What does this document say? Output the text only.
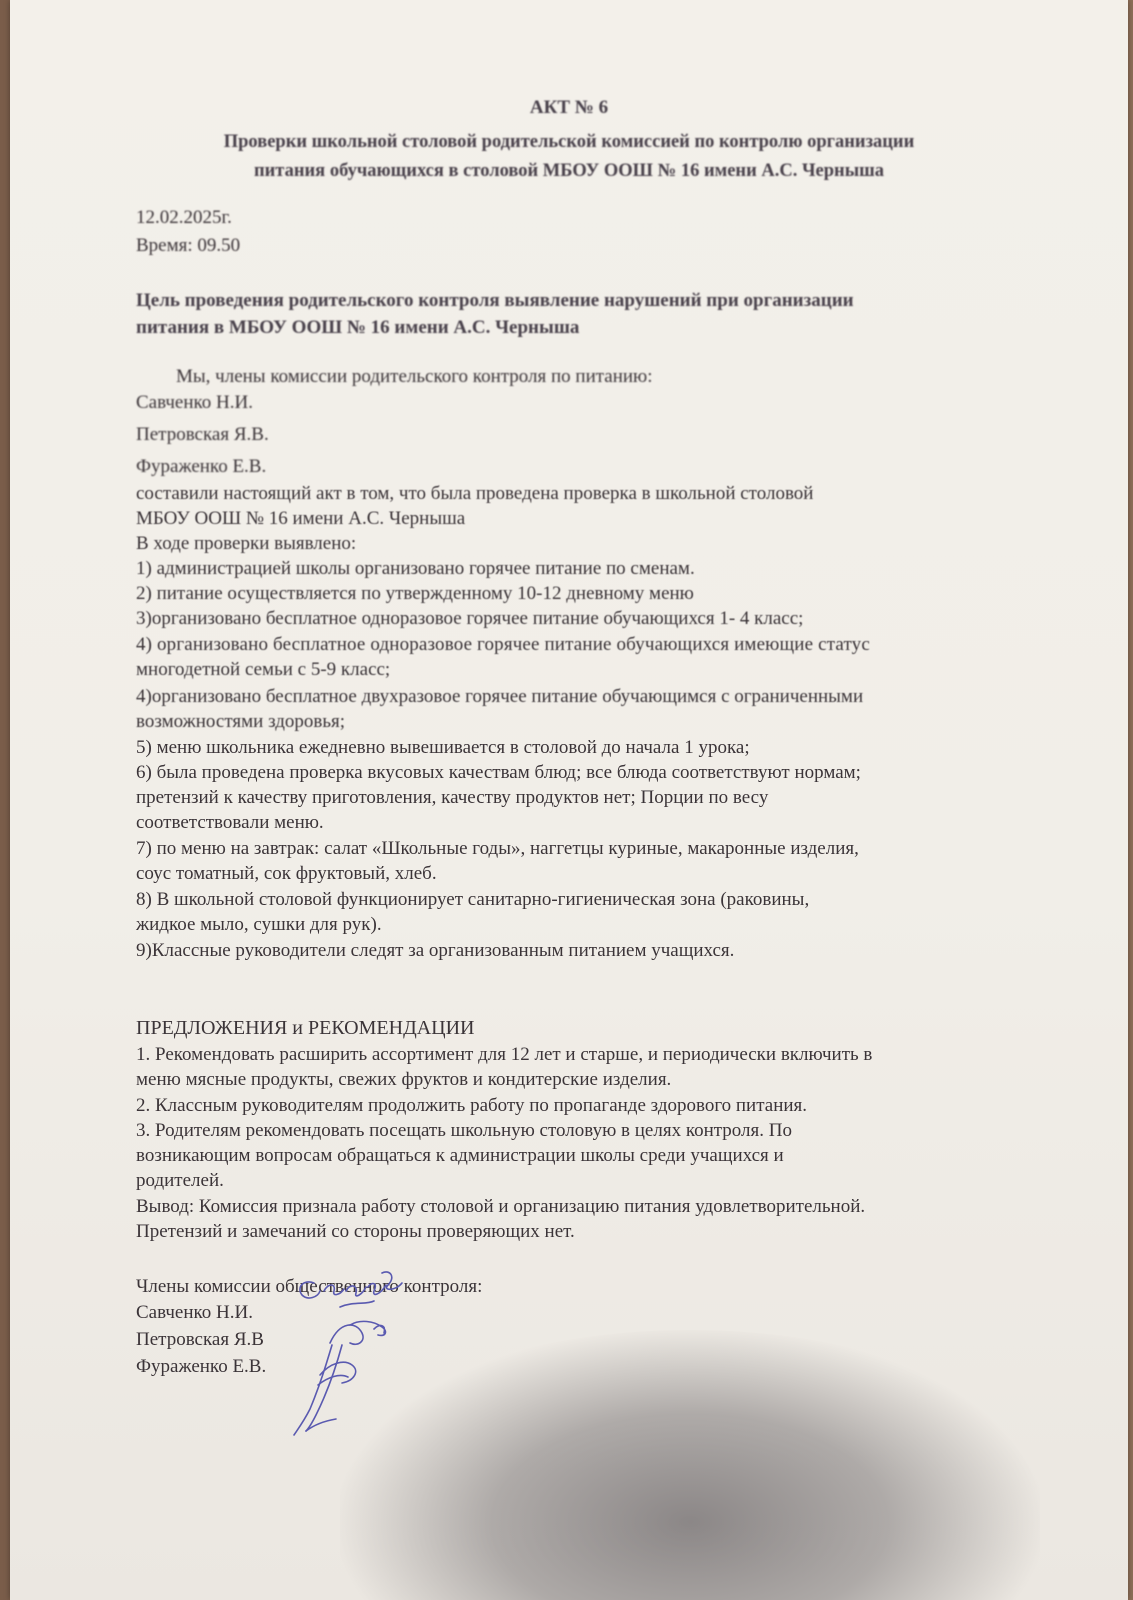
АКТ № 6
Проверки школьной столовой родительской комиссией по контролю организации
питания обучающихся в столовой МБОУ ООШ № 16 имени А.С. Черныша
12.02.2025г.
Время: 09.50
Цель проведения родительского контроля выявление нарушений при организации
питания в МБОУ ООШ № 16 имени А.С. Черныша
Мы, члены комиссии родительского контроля по питанию:
Савченко Н.И.
Петровская Я.В.
Фураженко Е.В.
составили настоящий акт в том, что была проведена проверка в школьной столовой
МБОУ ООШ № 16 имени А.С. Черныша
В ходе проверки выявлено:
1) администрацией школы организовано горячее питание по сменам.
2) питание осуществляется по утвержденному 10-12 дневному меню
3)организовано бесплатное одноразовое горячее питание обучающихся 1- 4 класс;
4) организовано бесплатное одноразовое горячее питание обучающихся имеющие статус
многодетной семьи с 5-9 класс;
4)организовано бесплатное двухразовое горячее питание обучающимся с ограниченными
возможностями здоровья;
5) меню школьника ежедневно вывешивается в столовой до начала 1 урока;
6) была проведена проверка вкусовых качествам блюд; все блюда соответствуют нормам;
претензий к качеству приготовления, качеству продуктов нет; Порции по весу
соответствовали меню.
7) по меню на завтрак: салат «Школьные годы», наггетцы куриные, макаронные изделия,
соус томатный, сок фруктовый, хлеб.
8) В школьной столовой функционирует санитарно-гигиеническая зона (раковины,
жидкое мыло, сушки для рук).
9)Классные руководители следят за организованным питанием учащихся.
ПРЕДЛОЖЕНИЯ и РЕКОМЕНДАЦИИ
1. Рекомендовать расширить ассортимент для 12 лет и старше, и периодически включить в
меню мясные продукты, свежих фруктов и кондитерские изделия.
2. Классным руководителям продолжить работу по пропаганде здорового питания.
3. Родителям рекомендовать посещать школьную столовую в целях контроля. По
возникающим вопросам обращаться к администрации школы среди учащихся и
родителей.
Вывод: Комиссия признала работу столовой и организацию питания удовлетворительной.
Претензий и замечаний со стороны проверяющих нет.
Члены комиссии общественного контроля:
Савченко Н.И.
Петровская Я.В
Фураженко Е.В.
